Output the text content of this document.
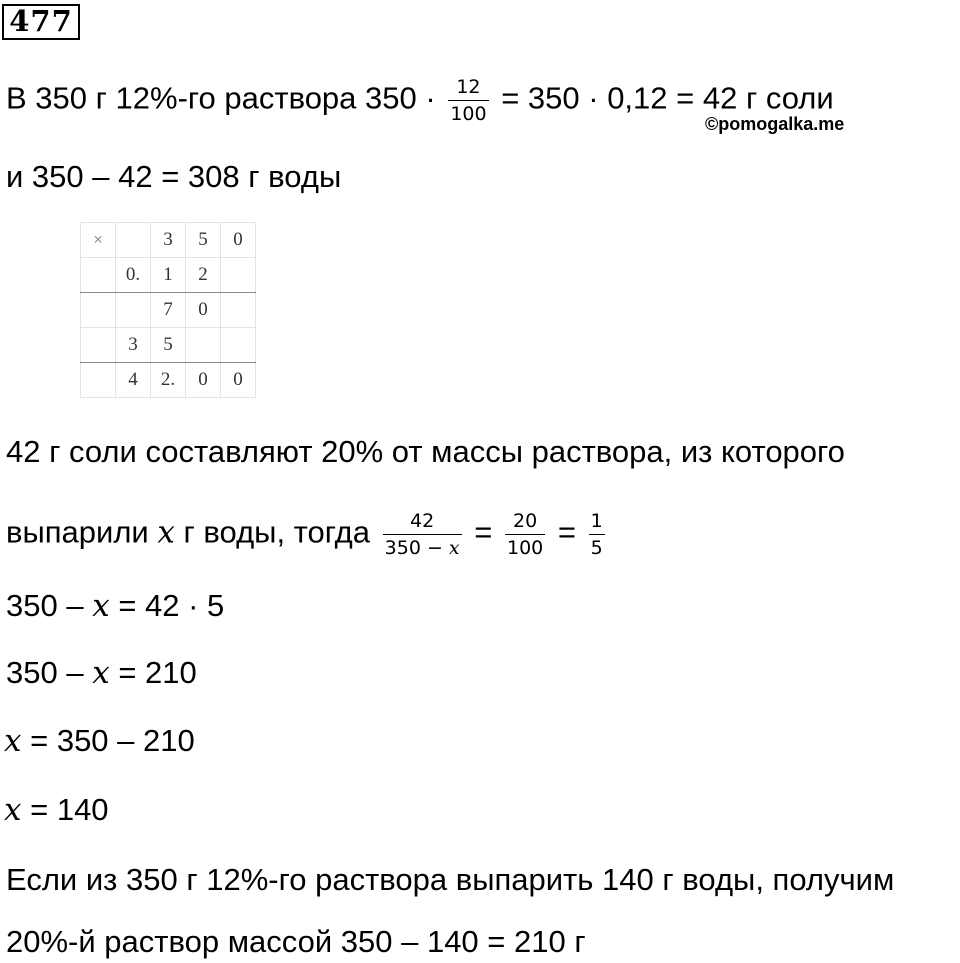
477
В 350 г 12%-го раствора $350 \cdot \frac{12}{100} = 350 \cdot 0,12 = 42$ г соли
©pomogalka.me
и 350 – 42 = 308 г воды
×		3	5	0
	0.	1	2	
		7	0	
	3	5		
	4	2.	0	0
42 г соли составляют 20% от массы раствора, из которого
выпарили x г воды, тогда $\frac{42}{350 - x} = \frac{20}{100} = \frac{1}{5}$
350 – x = 42 · 5
350 – x = 210
x = 350 – 210
x = 140
Если из 350 г 12%-го раствора выпарить 140 г воды, получим
20%-й раствор массой 350 – 140 = 210 г
